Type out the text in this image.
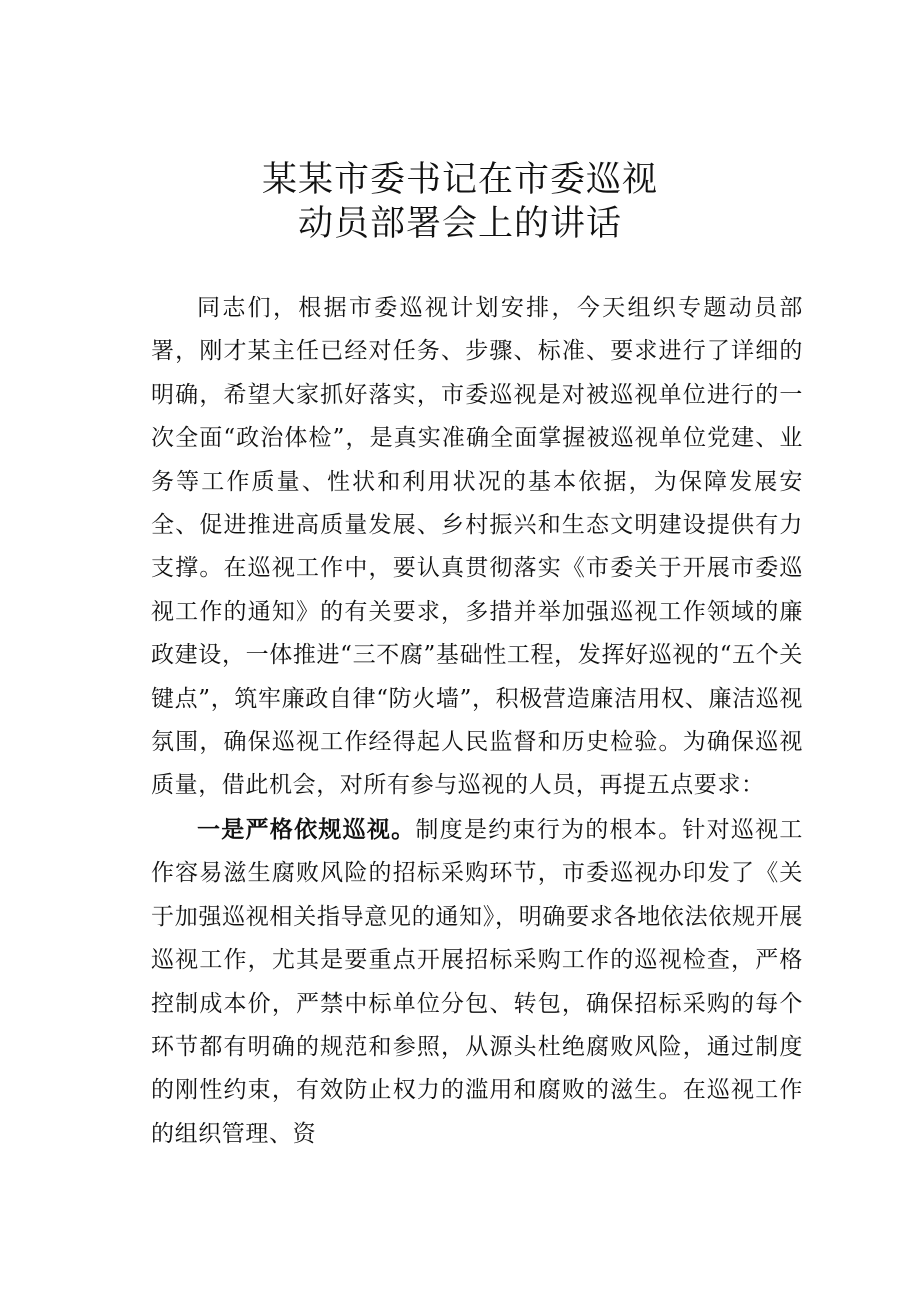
某某市委书记在市委巡视
动员部署会上的讲话

同志们，根据市委巡视计划安排，今天组织专题动员部署，刚才某主任已经对任务、步骤、标准、要求进行了详细的明确，希望大家抓好落实，市委巡视是对被巡视单位进行的一次全面“政治体检”，是真实准确全面掌握被巡视单位党建、业务等工作质量、性状和利用状况的基本依据，为保障发展安全、促进推进高质量发展、乡村振兴和生态文明建设提供有力支撑。在巡视工作中，要认真贯彻落实《市委关于开展市委巡视工作的通知》的有关要求，多措并举加强巡视工作领域的廉政建设，一体推进“三不腐”基础性工程，发挥好巡视的“五个关键点”，筑牢廉政自律“防火墙”，积极营造廉洁用权、廉洁巡视氛围，确保巡视工作经得起人民监督和历史检验。为确保巡视质量，借此机会，对所有参与巡视的人员，再提五点要求：

一是严格依规巡视。制度是约束行为的根本。针对巡视工作容易滋生腐败风险的招标采购环节，市委巡视办印发了《关于加强巡视相关指导意见的通知》，明确要求各地依法依规开展巡视工作，尤其是要重点开展招标采购工作的巡视检查，严格控制成本价，严禁中标单位分包、转包，确保招标采购的每个环节都有明确的规范和参照，从源头杜绝腐败风险，通过制度的刚性约束，有效防止权力的滥用和腐败的滋生。在巡视工作的组织管理、资
